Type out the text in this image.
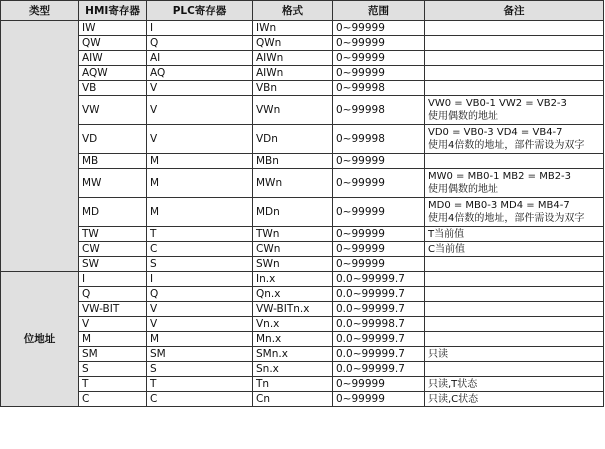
类型	HMI寄存器	PLC寄存器	格式	范围	备注
	IW	I	IWn	0~99999	
	QW	Q	QWn	0~99999	
	AIW	AI	AIWn	0~99999	
	AQW	AQ	AIWn	0~99999	
	VB	V	VBn	0~99998	
	VW	V	VWn	0~99998	VW0 = VB0-1 VW2 = VB2-3
使用偶数的地址

	VD	V	VDn	0~99998	VD0 = VB0-3 VD4 = VB4-7
使用4倍数的地址，部件需设为双字

	MB	M	MBn	0~99999	
	MW	M	MWn	0~99999	MW0 = MB0-1 MB2 = MB2-3
使用偶数的地址

	MD	M	MDn	0~99999	MD0 = MB0-3 MD4 = MB4-7
使用4倍数的地址，部件需设为双字

	TW	T	TWn	0~99999	T当前值

	CW	C	CWn	0~99999	C当前值

	SW	S	SWn	0~99999	
位地址	I	I	In.x	0.0~99999.7	
	Q	Q	Qn.x	0.0~99999.7	
	VW-BIT	V	VW-BITn.x	0.0~99999.7	
	V	V	Vn.x	0.0~99998.7	
	M	M	Mn.x	0.0~99999.7	
	SM	SM	SMn.x	0.0~99999.7	只读

	S	S	Sn.x	0.0~99999.7	
	T	T	Tn	0~99999	只读,T状态

	C	C	Cn	0~99999	只读,C状态
